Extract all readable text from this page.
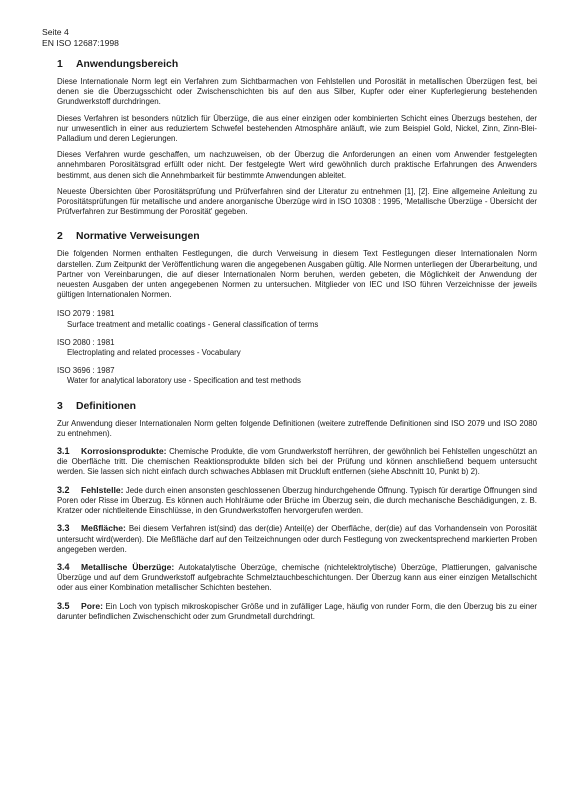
Seite 4
EN ISO 12687:1998
1 Anwendungsbereich

Diese Internationale Norm legt ein Verfahren zum Sichtbarmachen von Fehlstellen und Porosität in metallischen Überzügen fest, bei denen sie die Überzugsschicht oder Zwischenschichten bis auf den aus Silber, Kupfer oder einer Kupferlegierung bestehenden Grundwerkstoff durchdringen.

Dieses Verfahren ist besonders nützlich für Überzüge, die aus einer einzigen oder kombinierten Schicht eines Überzugs bestehen, der nur unwesentlich in einer aus reduziertem Schwefel bestehenden Atmosphäre anläuft, wie zum Beispiel Gold, Nickel, Zinn, Zinn-Blei-Palladium und deren Legierungen.

Dieses Verfahren wurde geschaffen, um nachzuweisen, ob der Überzug die Anforderungen an einen vom Anwender festgelegten annehmbaren Porositätsgrad erfüllt oder nicht. Der festgelegte Wert wird gewöhnlich durch praktische Erfahrungen des Anwenders bestimmt, aus denen sich die Annehmbarkeit für bestimmte Anwendungen ableitet.

Neueste Übersichten über Porositätsprüfung und Prüfverfahren sind der Literatur zu entnehmen [1], [2]. Eine allgemeine Anleitung zu Porositätsprüfungen für metallische und andere anorganische Überzüge wird in ISO 10308 : 1995, 'Metallische Überzüge - Übersicht der Prüfverfahren zur Bestimmung der Porosität' gegeben.

2 Normative Verweisungen

Die folgenden Normen enthalten Festlegungen, die durch Verweisung in diesem Text Festlegungen dieser Internationalen Norm darstellen. Zum Zeitpunkt der Veröffentlichung waren die angegebenen Ausgaben gültig. Alle Normen unterliegen der Überarbeitung, und Partner von Vereinbarungen, die auf dieser Internationalen Norm beruhen, werden gebeten, die Möglichkeit der Anwendung der neuesten Ausgaben der unten angegebenen Normen zu untersuchen. Mitglieder von IEC und ISO führen Verzeichnisse der jeweils gültigen Internationalen Normen.

ISO 2079 : 1981
Surface treatment and metallic coatings - General classification of terms
ISO 2080 : 1981
Electroplating and related processes - Vocabulary
ISO 3696 : 1987
Water for analytical laboratory use - Specification and test methods
3 Definitionen

Zur Anwendung dieser Internationalen Norm gelten folgende Definitionen (weitere zutreffende Definitionen sind ISO 2079 und ISO 2080 zu entnehmen).

3.1 Korrosionsprodukte: Chemische Produkte, die vom Grundwerkstoff herrühren, der gewöhnlich bei Fehlstellen ungeschützt an die Oberfläche tritt. Die chemischen Reaktionsprodukte bilden sich bei der Prüfung und können anschließend bequem untersucht werden. Sie lassen sich nicht einfach durch schwaches Abblasen mit Druckluft entfernen (siehe Abschnitt 10, Punkt b) 2).

3.2 Fehlstelle: Jede durch einen ansonsten geschlossenen Überzug hindurchgehende Öffnung. Typisch für derartige Öffnungen sind Poren oder Risse im Überzug. Es können auch Hohlräume oder Brüche im Überzug sein, die durch mechanische Beschädigungen, z. B. Kratzer oder nichtleitende Einschlüsse, in den Grundwerkstoffen hervorgerufen werden.

3.3 Meßfläche: Bei diesem Verfahren ist(sind) das der(die) Anteil(e) der Oberfläche, der(die) auf das Vorhandensein von Porosität untersucht wird(werden). Die Meßfläche darf auf den Teilzeichnungen oder durch Festlegung von zweckentsprechend markierten Proben angegeben werden.

3.4 Metallische Überzüge: Autokatalytische Überzüge, chemische (nichtelektrolytische) Überzüge, Plattierungen, galvanische Überzüge und auf dem Grundwerkstoff aufgebrachte Schmelztauchbeschichtungen. Der Überzug kann aus einer einzigen Metallschicht oder aus einer Kombination metallischer Schichten bestehen.

3.5 Pore: Ein Loch von typisch mikroskopischer Größe und in zufälliger Lage, häufig von runder Form, die den Überzug bis zu einer darunter befindlichen Zwischenschicht oder zum Grundmetall durchdringt.
